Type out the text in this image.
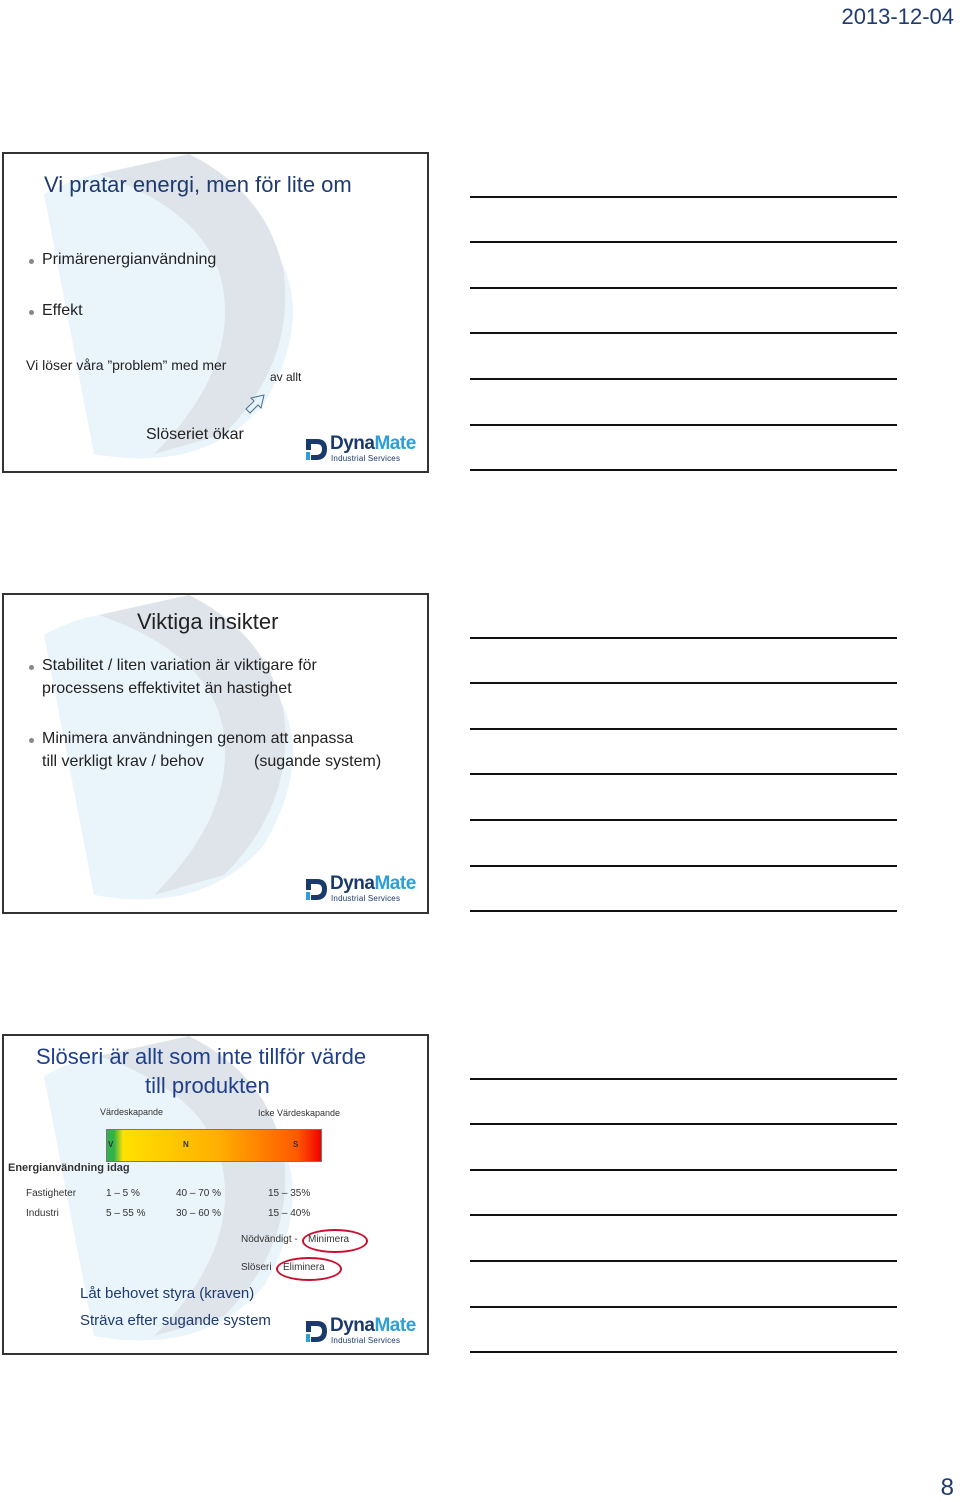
2013-12-04
8
Vi pratar energi, men för lite om
Primärenergianvändning
Effekt
Vi löser våra ”problem” med mer
av allt
Slöseriet ökar	DynaMate
Industrial Services
Viktiga insikter
Stabilitet / liten variation är viktigare för
processens effektivitet än hastighet
Minimera användningen genom att anpassa
till verkligt krav / behov	(sugande system)
DynaMate
Industrial Services
Slöseri är allt som inte tillför värde
till produkten
Värdeskapande	Icke Värdeskapande
V	N	S
Energianvändning idag
Fastigheter	1 – 5 %	40 – 70 %	15 – 35%
Industri	5 – 55 %	30 – 60 %	15 – 40%
Nödvändigt - Minimera
Slöseri Eliminera
Låt behovet styra (kraven)
Sträva efter sugande system	DynaMate
Industrial Services
